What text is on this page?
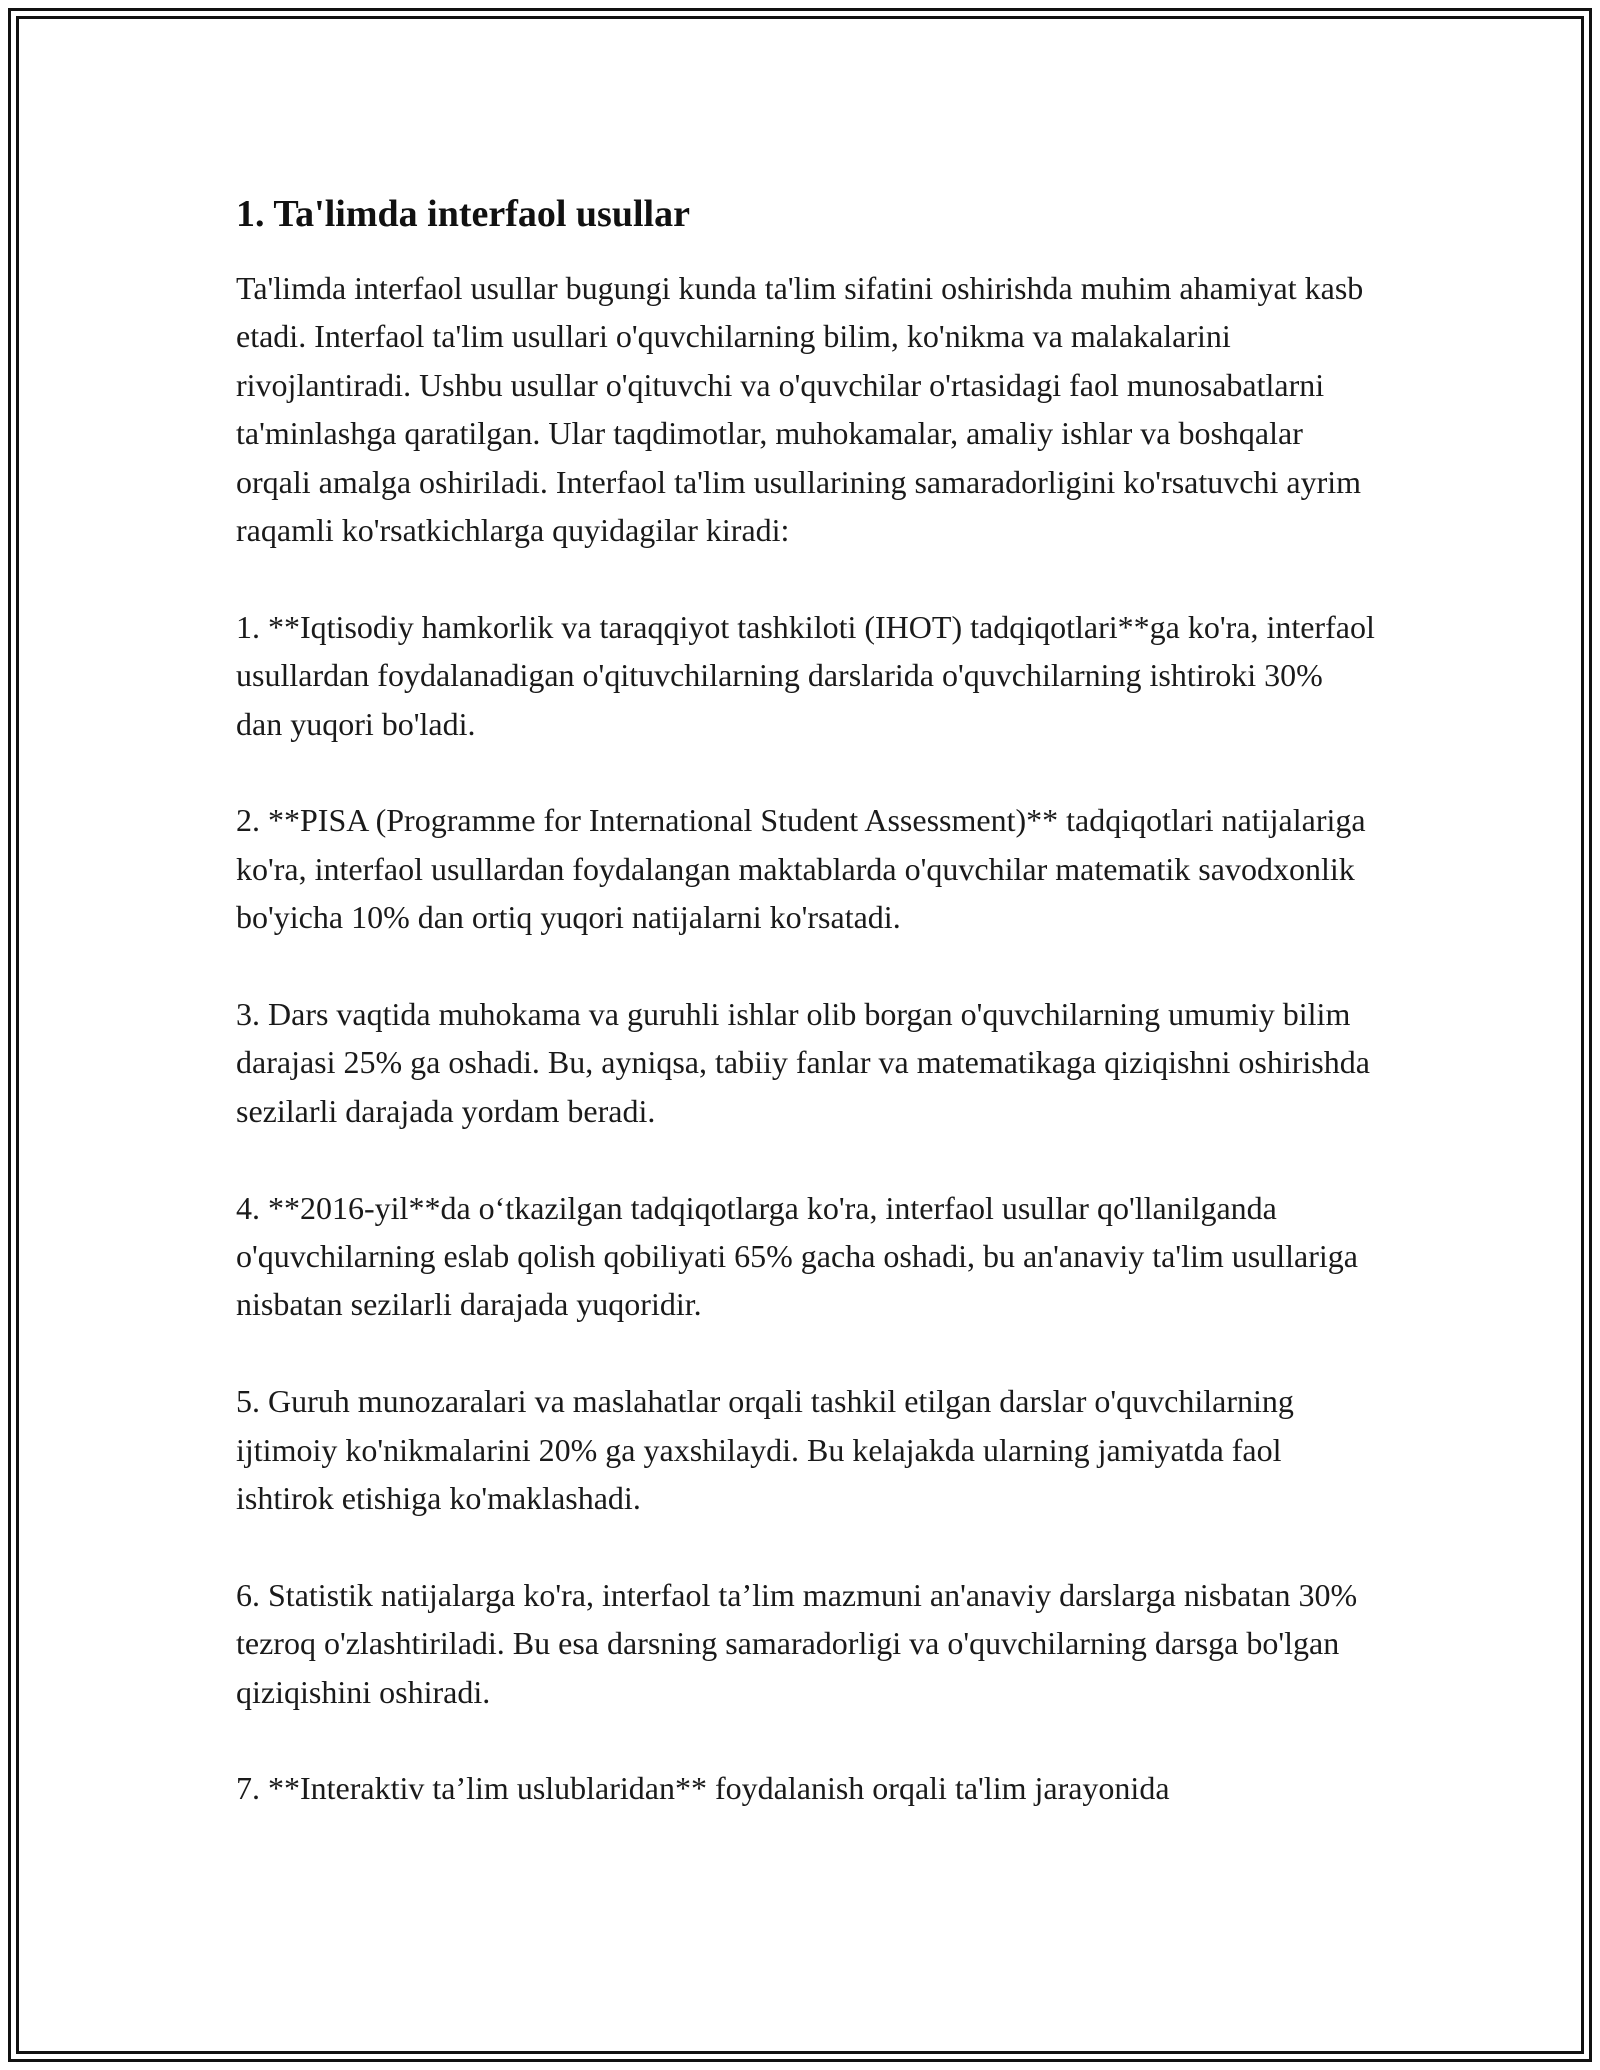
1. Ta'limda interfaol usullar

Ta'limda interfaol usullar bugungi kunda ta'lim sifatini oshirishda muhim ahamiyat kasb etadi. Interfaol ta'lim usullari o'quvchilarning bilim, ko'nikma va malakalarini rivojlantiradi. Ushbu usullar o'qituvchi va o'quvchilar o'rtasidagi faol munosabatlarni ta'minlashga qaratilgan. Ular taqdimotlar, muhokamalar, amaliy ishlar va boshqalar orqali amalga oshiriladi. Interfaol ta'lim usullarining samaradorligini ko'rsatuvchi ayrim raqamli ko'rsatkichlarga quyidagilar kiradi:

1. **Iqtisodiy hamkorlik va taraqqiyot tashkiloti (IHOT) tadqiqotlari**ga ko'ra, interfaol usullardan foydalanadigan o'qituvchilarning darslarida o'quvchilarning ishtiroki 30% dan yuqori bo'ladi.

2. **PISA (Programme for International Student Assessment)** tadqiqotlari natijalariga ko'ra, interfaol usullardan foydalangan maktablarda o'quvchilar matematik savodxonlik bo'yicha 10% dan ortiq yuqori natijalarni ko'rsatadi.

3. Dars vaqtida muhokama va guruhli ishlar olib borgan o'quvchilarning umumiy bilim darajasi 25% ga oshadi. Bu, ayniqsa, tabiiy fanlar va matematikaga qiziqishni oshirishda sezilarli darajada yordam beradi.

4. **2016-yil**da o‘tkazilgan tadqiqotlarga ko'ra, interfaol usullar qo'llanilganda o'quvchilarning eslab qolish qobiliyati 65% gacha oshadi, bu an'anaviy ta'lim usullariga nisbatan sezilarli darajada yuqoridir.

5. Guruh munozaralari va maslahatlar orqali tashkil etilgan darslar o'quvchilarning ijtimoiy ko'nikmalarini 20% ga yaxshilaydi. Bu kelajakda ularning jamiyatda faol ishtirok etishiga ko'maklashadi.

6. Statistik natijalarga ko'ra, interfaol ta’lim mazmuni an'anaviy darslarga nisbatan 30% tezroq o'zlashtiriladi. Bu esa darsning samaradorligi va o'quvchilarning darsga bo'lgan qiziqishini oshiradi.

7. **Interaktiv ta’lim uslublaridan** foydalanish orqali ta'lim jarayonida
